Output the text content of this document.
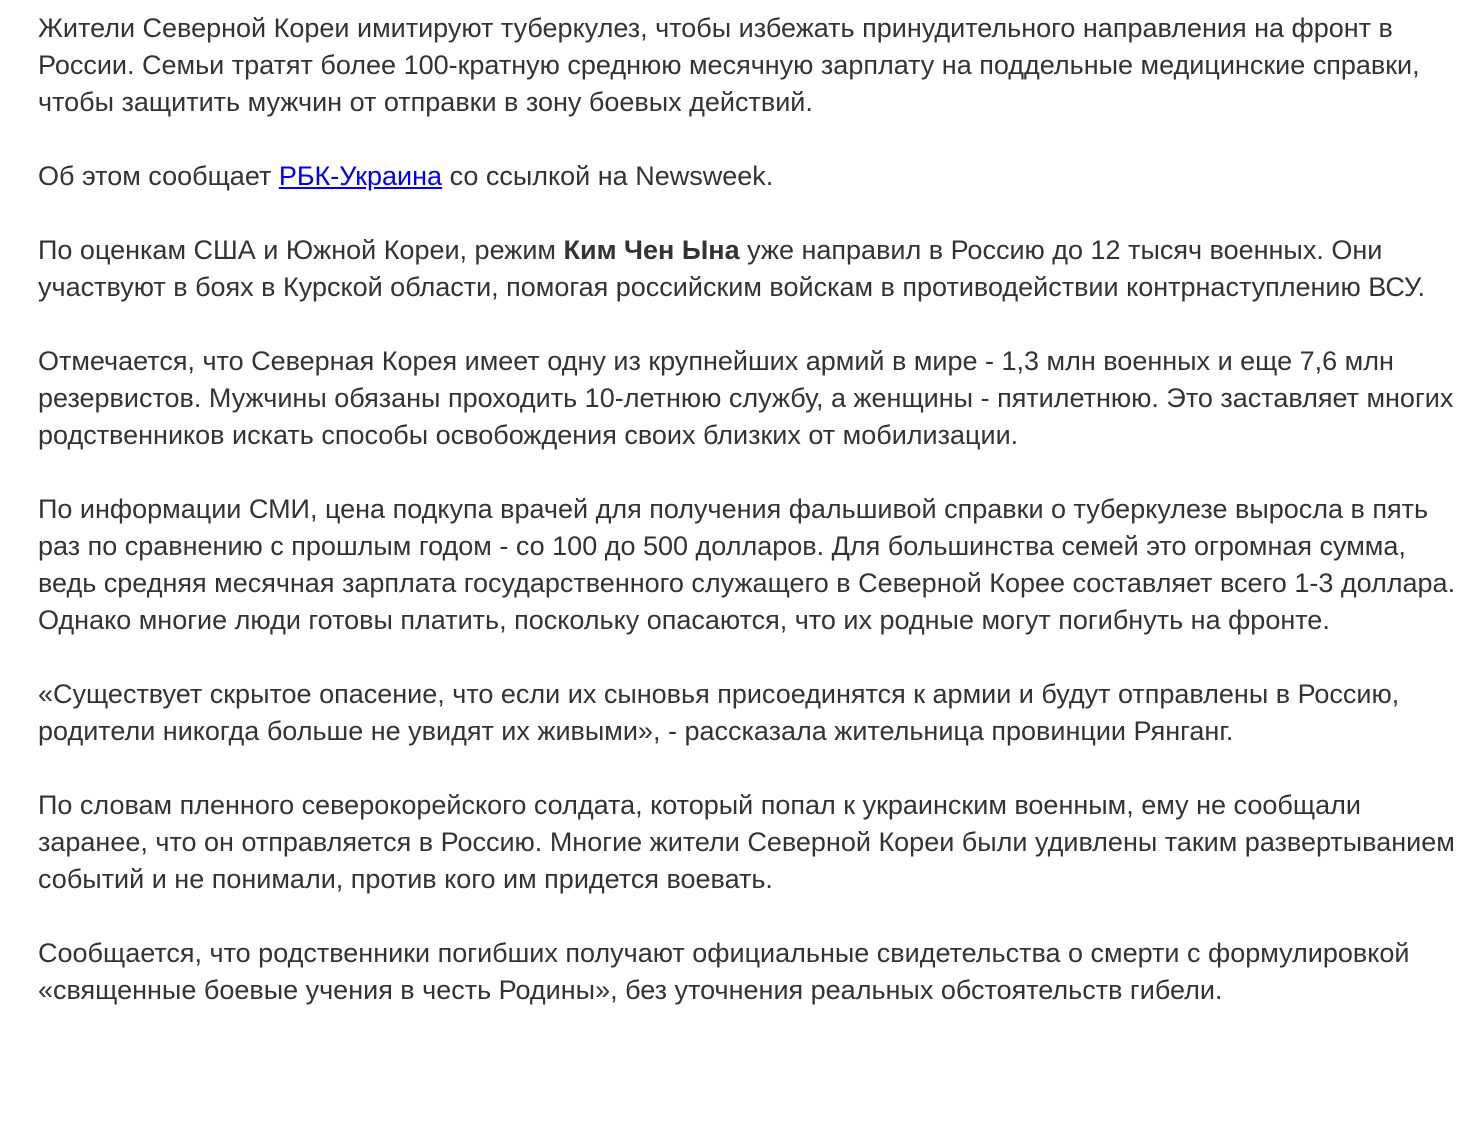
Жители Северной Кореи имитируют туберкулез, чтобы избежать принудительного направления на фронт в России. Семьи тратят более 100-кратную среднюю месячную зарплату на поддельные медицинские справки, чтобы защитить мужчин от отправки в зону боевых действий.

Об этом сообщает РБК-Украина со ссылкой на Newsweek.

По оценкам США и Южной Кореи, режим Ким Чен Ына уже направил в Россию до 12 тысяч военных. Они участвуют в боях в Курской области, помогая российским войскам в противодействии контрнаступлению ВСУ.

Отмечается, что Северная Корея имеет одну из крупнейших армий в мире - 1,3 млн военных и еще 7,6 млн резервистов. Мужчины обязаны проходить 10-летнюю службу, а женщины - пятилетнюю. Это заставляет многих родственников искать способы освобождения своих близких от мобилизации.

По информации СМИ, цена подкупа врачей для получения фальшивой справки о туберкулезе выросла в пять раз по сравнению с прошлым годом - со 100 до 500 долларов. Для большинства семей это огромная сумма, ведь средняя месячная зарплата государственного служащего в Северной Корее составляет всего 1-3 доллара. Однако многие люди готовы платить, поскольку опасаются, что их родные могут погибнуть на фронте.

«Существует скрытое опасение, что если их сыновья присоединятся к армии и будут отправлены в Россию, родители никогда больше не увидят их живыми», - рассказала жительница провинции Рянганг.

По словам пленного северокорейского солдата, который попал к украинским военным, ему не сообщали заранее, что он отправляется в Россию. Многие жители Северной Кореи были удивлены таким развертыванием событий и не понимали, против кого им придется воевать.

Сообщается, что родственники погибших получают официальные свидетельства о смерти с формулировкой «священные боевые учения в честь Родины», без уточнения реальных обстоятельств гибели.
